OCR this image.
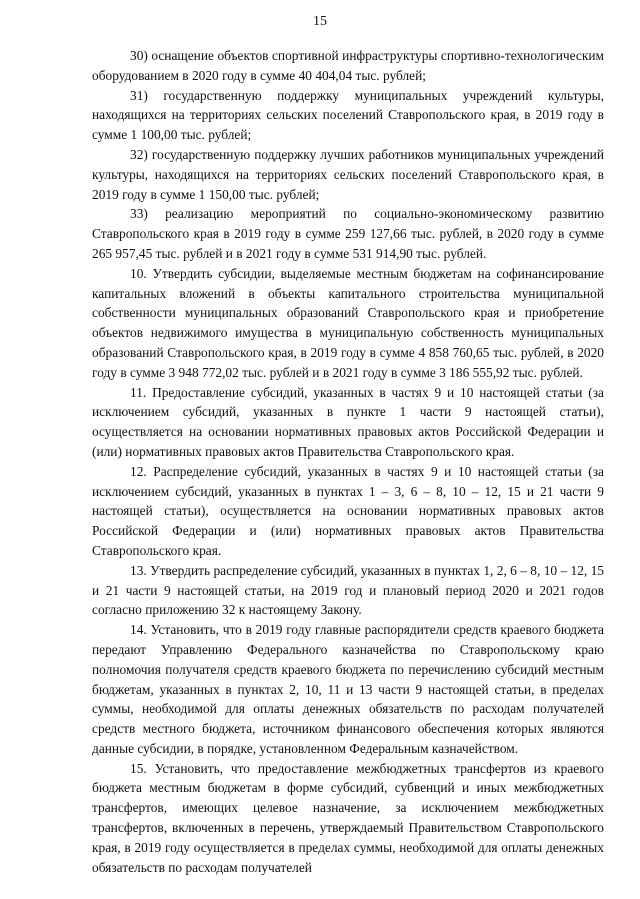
15

30) оснащение объектов спортивной инфраструктуры спортивно-технологическим оборудованием в 2020 году в сумме 40 404,04 тыс. рублей;

31) государственную поддержку муниципальных учреждений культуры, находящихся на территориях сельских поселений Ставропольского края, в 2019 году в сумме 1 100,00 тыс. рублей;

32) государственную поддержку лучших работников муниципальных учреждений культуры, находящихся на территориях сельских поселений Ставропольского края, в 2019 году в сумме 1 150,00 тыс. рублей;

33) реализацию мероприятий по социально-экономическому развитию Ставропольского края в 2019 году в сумме 259 127,66 тыс. рублей, в 2020 году в сумме 265 957,45 тыс. рублей и в 2021 году в сумме 531 914,90 тыс. рублей.

10. Утвердить субсидии, выделяемые местным бюджетам на софинансирование капитальных вложений в объекты капитального строительства муниципальной собственности муниципальных образований Ставропольского края и приобретение объектов недвижимого имущества в муниципальную собственность муниципальных образований Ставропольского края, в 2019 году в сумме 4 858 760,65 тыс. рублей, в 2020 году в сумме 3 948 772,02 тыс. рублей и в 2021 году в сумме 3 186 555,92 тыс. рублей.

11. Предоставление субсидий, указанных в частях 9 и 10 настоящей статьи (за исключением субсидий, указанных в пункте 1 части 9 настоящей статьи), осуществляется на основании нормативных правовых актов Российской Федерации и (или) нормативных правовых актов Правительства Ставропольского края.

12. Распределение субсидий, указанных в частях 9 и 10 настоящей статьи (за исключением субсидий, указанных в пунктах 1 – 3, 6 – 8, 10 – 12, 15 и 21 части 9 настоящей статьи), осуществляется на основании нормативных правовых актов Российской Федерации и (или) нормативных правовых актов Правительства Ставропольского края.

13. Утвердить распределение субсидий, указанных в пунктах 1, 2, 6 – 8, 10 – 12, 15 и 21 части 9 настоящей статьи, на 2019 год и плановый период 2020 и 2021 годов согласно приложению 32 к настоящему Закону.

14. Установить, что в 2019 году главные распорядители средств краевого бюджета передают Управлению Федерального казначейства по Ставропольскому краю полномочия получателя средств краевого бюджета по перечислению субсидий местным бюджетам, указанных в пунктах 2, 10, 11 и 13 части 9 настоящей статьи, в пределах суммы, необходимой для оплаты денежных обязательств по расходам получателей средств местного бюджета, источником финансового обеспечения которых являются данные субсидии, в порядке, установленном Федеральным казначейством.

15. Установить, что предоставление межбюджетных трансфертов из краевого бюджета местным бюджетам в форме субсидий, субвенций и иных межбюджетных трансфертов, имеющих целевое назначение, за исключением межбюджетных трансфертов, включенных в перечень, утверждаемый Правительством Ставропольского края, в 2019 году осуществляется в пределах суммы, необходимой для оплаты денежных обязательств по расходам получателей
